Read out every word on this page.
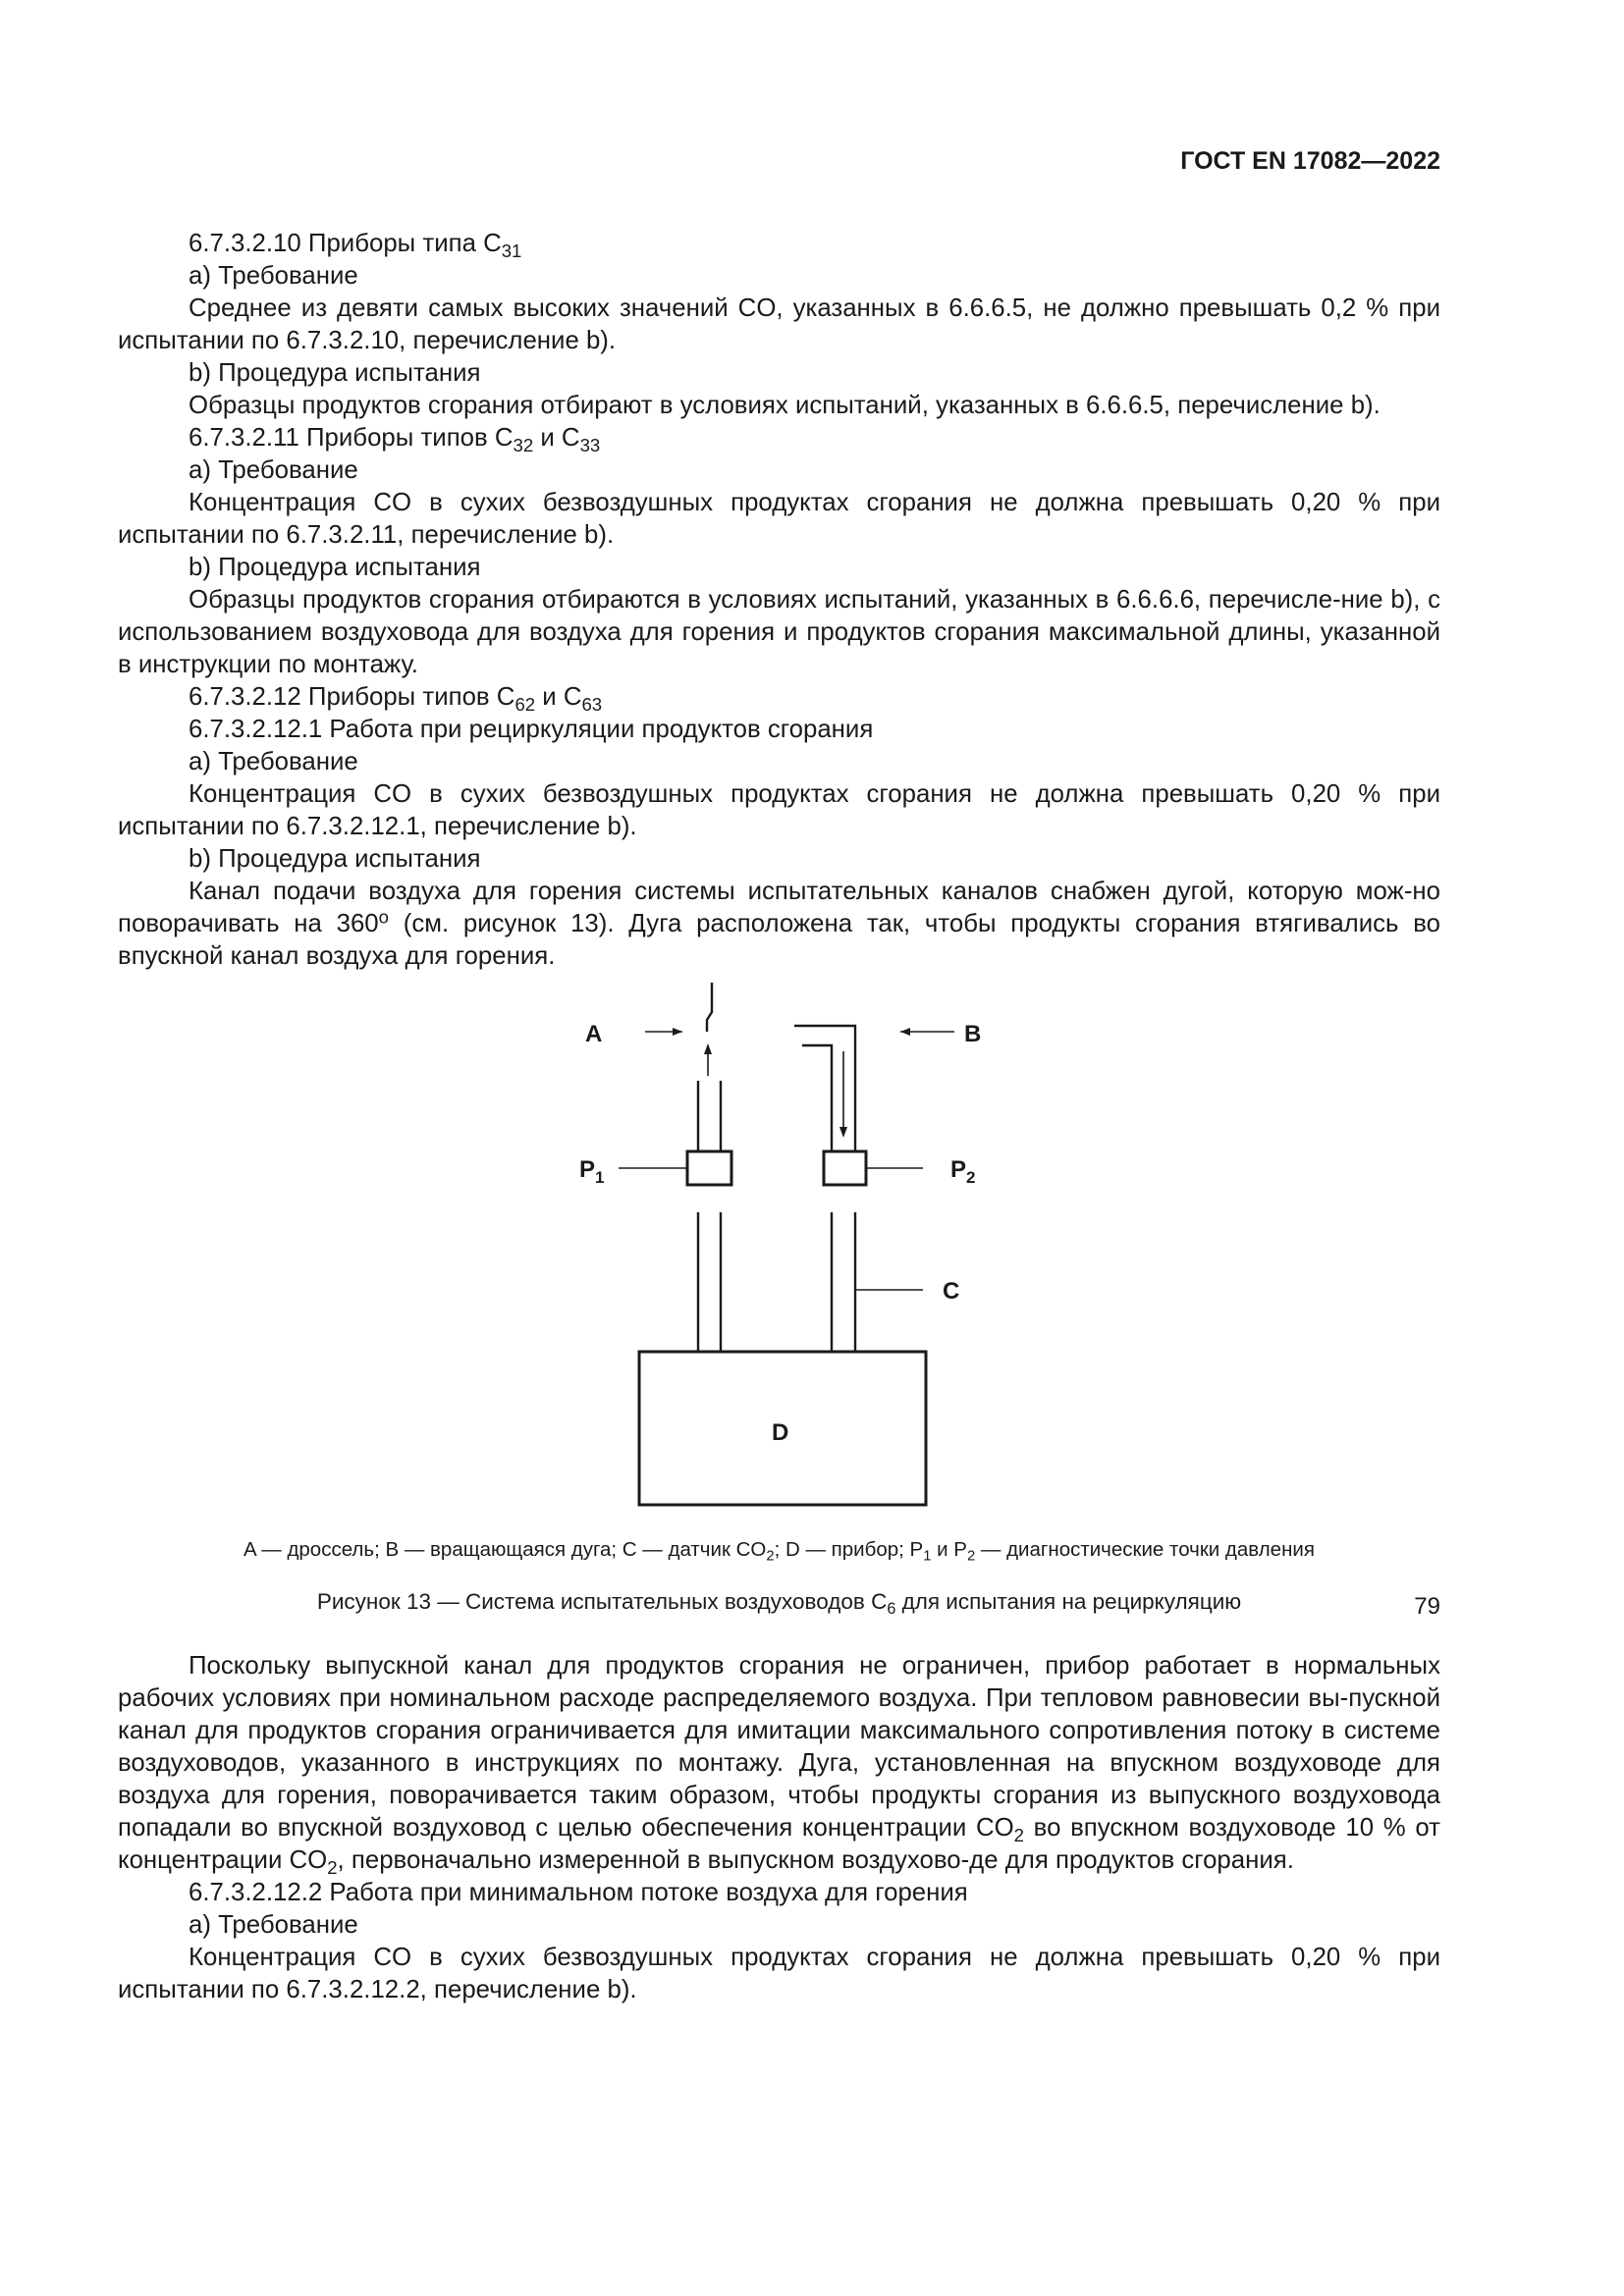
ГОСТ EN 17082—2022

6.7.3.2.10 Приборы типа $C_{31}$

a) Требование

Среднее из девяти самых высоких значений CO, указанных в 6.6.6.5, не должно превышать 0,2 % при испытании по 6.7.3.2.10, перечисление b).

b) Процедура испытания

Образцы продуктов сгорания отбирают в условиях испытаний, указанных в 6.6.6.5, перечисление b).

6.7.3.2.11 Приборы типов $C_{32}$ и $C_{33}$

a) Требование

Концентрация CO в сухих безвоздушных продуктах сгорания не должна превышать 0,20 % при испытании по 6.7.3.2.11, перечисление b).

b) Процедура испытания

Образцы продуктов сгорания отбираются в условиях испытаний, указанных в 6.6.6.6, перечисле-ние b), с использованием воздуховода для воздуха для горения и продуктов сгорания максимальной длины, указанной в инструкции по монтажу.

6.7.3.2.12 Приборы типов $C_{62}$ и $C_{63}$

6.7.3.2.12.1 Работа при рециркуляции продуктов сгорания

a) Требование

Концентрация CO в сухих безвоздушных продуктах сгорания не должна превышать 0,20 % при испытании по 6.7.3.2.12.1, перечисление b).

b) Процедура испытания

Канал подачи воздуха для горения системы испытательных каналов снабжен дугой, которую мож-но поворачивать на 360$^o$ (см. рисунок 13). Дуга расположена так, чтобы продукты сгорания втягивались во впускной канал воздуха для горения.

A	B
$P_1$	$P_2$
C
D

A — дроссель; B — вращающаяся дуга; C — датчик $CO_2$; D — прибор; $P_1$ и $P_2$ — диагностические точки давления

Рисунок 13 — Система испытательных воздуховодов $C_6$ для испытания на рециркуляцию

Поскольку выпускной канал для продуктов сгорания не ограничен, прибор работает в нормальных рабочих условиях при номинальном расходе распределяемого воздуха. При тепловом равновесии вы-пускной канал для продуктов сгорания ограничивается для имитации максимального сопротивления потоку в системе воздуховодов, указанного в инструкциях по монтажу. Дуга, установленная на впускном воздуховоде для воздуха для горения, поворачивается таким образом, чтобы продукты сгорания из выпускного воздуховода попадали во впускной воздуховод с целью обеспечения концентрации $CO_2$ во впускном воздуховоде 10 % от концентрации $CO_2$, первоначально измеренной в выпускном воздухово-де для продуктов сгорания.

6.7.3.2.12.2 Работа при минимальном потоке воздуха для горения

a) Требование

Концентрация CO в сухих безвоздушных продуктах сгорания не должна превышать 0,20 % при испытании по 6.7.3.2.12.2, перечисление b).

79
